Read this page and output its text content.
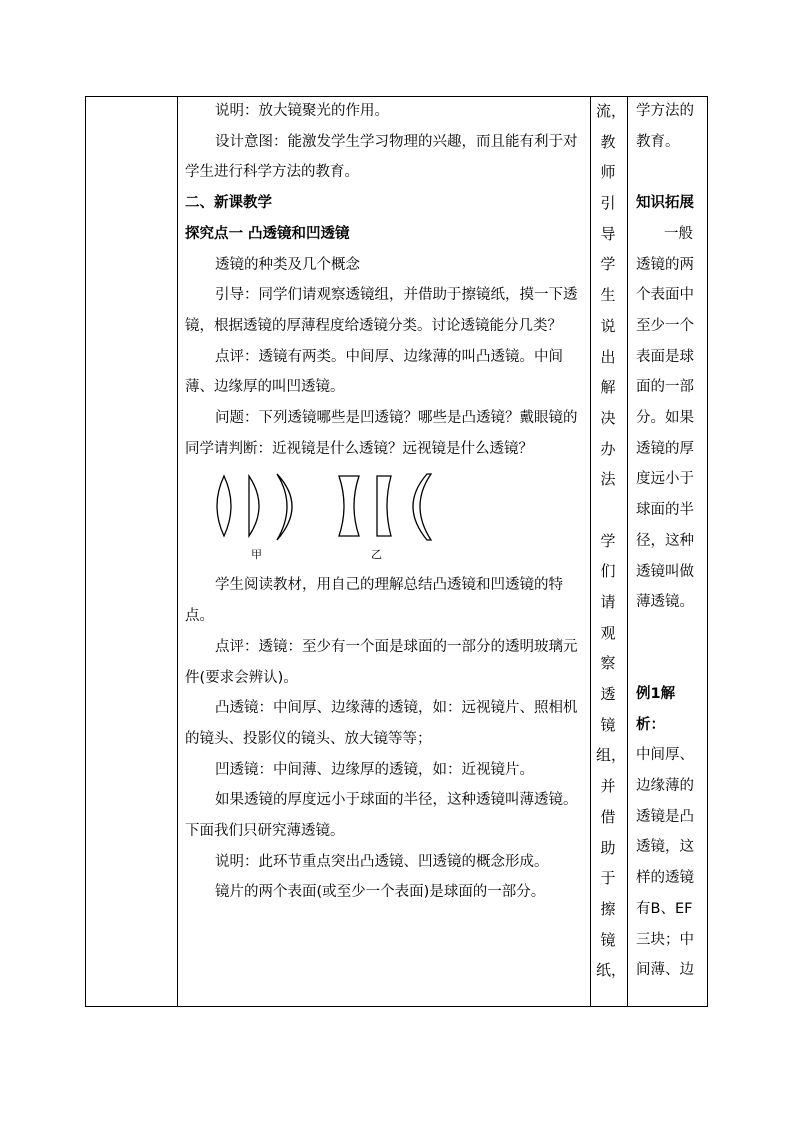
说明：放大镜聚光的作用。

设计意图：能激发学生学习物理的兴趣，而且能有利于对学生进行科学方法的教育。

二、新课教学

探究点一 凸透镜和凹透镜

透镜的种类及几个概念

引导：同学们请观察透镜组，并借助于擦镜纸，摸一下透镜，根据透镜的厚薄程度给透镜分类。讨论透镜能分几类？

点评：透镜有两类。中间厚、边缘薄的叫凸透镜。中间薄、边缘厚的叫凹透镜。

问题：下列透镜哪些是凹透镜？哪些是凸透镜？戴眼镜的同学请判断：近视镜是什么透镜？远视镜是什么透镜？

甲	乙

学生阅读教材，用自己的理解总结凸透镜和凹透镜的特点。

点评：透镜：至少有一个面是球面的一部分的透明玻璃元件(要求会辨认)。

凸透镜：中间厚、边缘薄的透镜，如：远视镜片、照相机的镜头、投影仪的镜头、放大镜等等；

凹透镜：中间薄、边缘厚的透镜，如：近视镜片。

如果透镜的厚度远小于球面的半径，这种透镜叫薄透镜。下面我们只研究薄透镜。

说明：此环节重点突出凸透镜、凹透镜的概念形成。

镜片的两个表面(或至少一个表面)是球面的一部分。

流，
教
师
引
导
学
生
说
出
解
决
办
法
学
们
请
观
察
透
镜
组，
并
借
助
于
擦
镜
纸，

学方法的教育。

知识拓展

一般透镜的两个表面中至少一个表面是球面的一部分。如果透镜的厚度远小于球面的半径，这种透镜叫做薄透镜。

例1解析：

中间厚、边缘薄的透镜是凸透镜，这样的透镜有B、EF三块；中间薄、边
